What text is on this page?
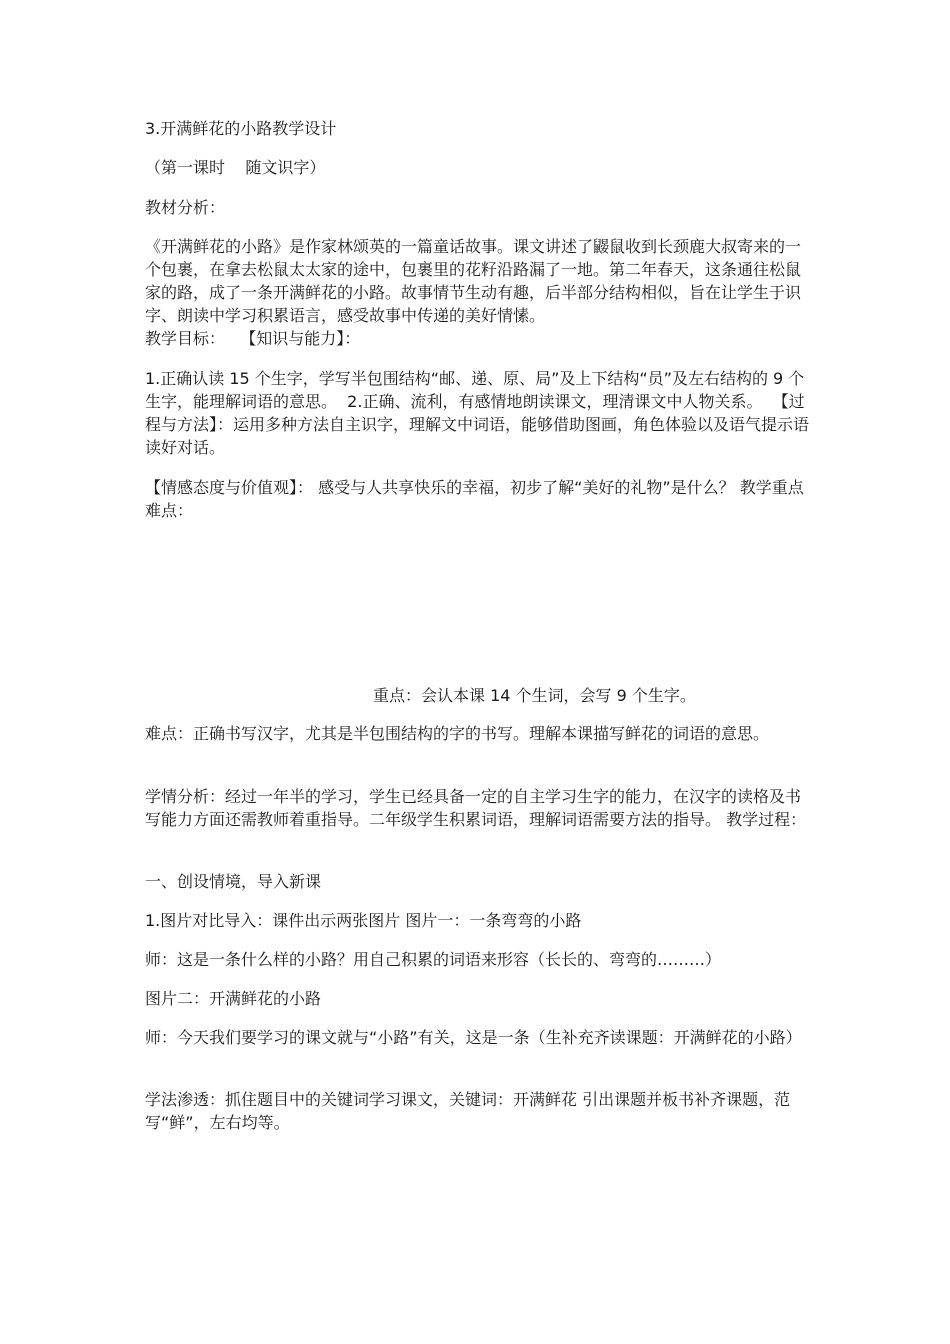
3.开满鲜花的小路教学设计

（第一课时    随文识字）

教材分析：

《开满鲜花的小路》是作家林颂英的一篇童话故事。课文讲述了鼹鼠收到长颈鹿大叔寄来的一个包裹，在拿去松鼠太太家的途中，包裹里的花籽沿路漏了一地。第二年春天，这条通往松鼠家的路，成了一条开满鲜花的小路。故事情节生动有趣，后半部分结构相似，旨在让学生于识字、朗读中学习积累语言，感受故事中传递的美好情愫。

教学目标：   【知识与能力】：

1.正确认读 15 个生字，学写半包围结构“邮、递、原、局”及上下结构“员”及左右结构的 9 个生字，能理解词语的意思。  2.正确、流利，有感情地朗读课文，理清课文中人物关系。  【过程与方法】：运用多种方法自主识字，理解文中词语，能够借助图画，角色体验以及语气提示语读好对话。

【情感态度与价值观】： 感受与人共享快乐的幸福，初步了解“美好的礼物”是什么？ 教学重点难点：

重点：会认本课 14 个生词，会写 9 个生字。

难点：正确书写汉字，尤其是半包围结构的字的书写。理解本课描写鲜花的词语的意思。

学情分析：经过一年半的学习，学生已经具备一定的自主学习生字的能力，在汉字的读格及书写能力方面还需教师着重指导。二年级学生积累词语，理解词语需要方法的指导。 教学过程：

一、创设情境，导入新课

1.图片对比导入：课件出示两张图片 图片一：一条弯弯的小路

师：这是一条什么样的小路？用自己积累的词语来形容（长长的、弯弯的………）

图片二：开满鲜花的小路

师：今天我们要学习的课文就与“小路”有关，这是一条（生补充齐读课题：开满鲜花的小路）

学法渗透：抓住题目中的关键词学习课文，关键词：开满鲜花 引出课题并板书补齐课题，范写“鲜”，左右均等。
